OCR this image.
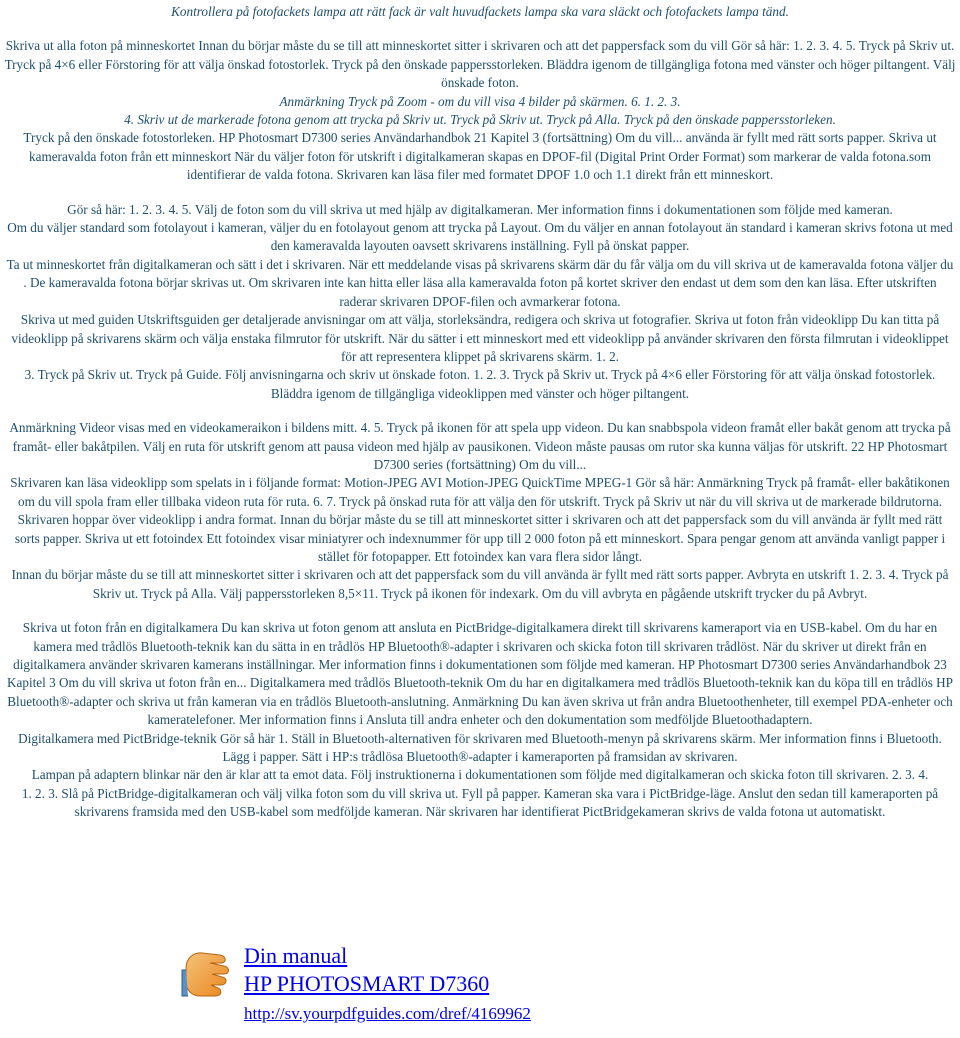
Kontrollera på fotofackets lampa att rätt fack är valt huvudfackets lampa ska vara släckt och fotofackets lampa tänd.

Skriva ut alla foton på minneskortet Innan du börjar måste du se till att minneskortet sitter i skrivaren och att det pappersfack som du vill Gör så här: 1. 2. 3. 4. 5. Tryck på Skriv ut. Tryck på 4×6 eller Förstoring för att välja önskad fotostorlek. Tryck på den önskade pappersstorleken. Bläddra igenom de tillgängliga fotona med vänster och höger piltangent. Välj önskade foton.

Anmärkning Tryck på Zoom - om du vill visa 4 bilder på skärmen. 6. 1. 2. 3.

4. Skriv ut de markerade fotona genom att trycka på Skriv ut. Tryck på Skriv ut. Tryck på Alla. Tryck på den önskade pappersstorleken.

Tryck på den önskade fotostorleken. HP Photosmart D7300 series Användarhandbok 21 Kapitel 3 (fortsättning) Om du vill... använda är fyllt med rätt sorts papper. Skriva ut kameravalda foton från ett minneskort När du väljer foton för utskrift i digitalkameran skapas en DPOF-fil (Digital Print Order Format) som markerar de valda fotona.som identifierar de valda fotona. Skrivaren kan läsa filer med formatet DPOF 1.0 och 1.1 direkt från ett minneskort.

Gör så här: 1. 2. 3. 4. 5. Välj de foton som du vill skriva ut med hjälp av digitalkameran. Mer information finns i dokumentationen som följde med kameran.

Om du väljer standard som fotolayout i kameran, väljer du en fotolayout genom att trycka på Layout. Om du väljer en annan fotolayout än standard i kameran skrivs fotona ut med den kameravalda layouten oavsett skrivarens inställning. Fyll på önskat papper.

Ta ut minneskortet från digitalkameran och sätt i det i skrivaren. När ett meddelande visas på skrivarens skärm där du får välja om du vill skriva ut de kameravalda fotona väljer du . De kameravalda fotona börjar skrivas ut. Om skrivaren inte kan hitta eller läsa alla kameravalda foton på kortet skriver den endast ut dem som den kan läsa. Efter utskriften raderar skrivaren DPOF-filen och avmarkerar fotona.

Skriva ut med guiden Utskriftsguiden ger detaljerade anvisningar om att välja, storleksändra, redigera och skriva ut fotografier. Skriva ut foton från videoklipp Du kan titta på videoklipp på skrivarens skärm och välja enstaka filmrutor för utskrift. När du sätter i ett minneskort med ett videoklipp på använder skrivaren den första filmrutan i videoklippet för att representera klippet på skrivarens skärm. 1. 2.

3. Tryck på Skriv ut. Tryck på Guide. Följ anvisningarna och skriv ut önskade foton. 1. 2. 3. Tryck på Skriv ut. Tryck på 4×6 eller Förstoring för att välja önskad fotostorlek. Bläddra igenom de tillgängliga videoklippen med vänster och höger piltangent.

Anmärkning Videor visas med en videokameraikon i bildens mitt. 4. 5. Tryck på ikonen för att spela upp videon. Du kan snabbspola videon framåt eller bakåt genom att trycka på framåt- eller bakåtpilen. Välj en ruta för utskrift genom att pausa videon med hjälp av pausikonen. Videon måste pausas om rutor ska kunna väljas för utskrift. 22 HP Photosmart D7300 series (fortsättning) Om du vill...

Skrivaren kan läsa videoklipp som spelats in i följande format: Motion-JPEG AVI Motion-JPEG QuickTime MPEG-1 Gör så här: Anmärkning Tryck på framåt- eller bakåtikonen om du vill spola fram eller tillbaka videon ruta för ruta. 6. 7. Tryck på önskad ruta för att välja den för utskrift. Tryck på Skriv ut när du vill skriva ut de markerade bildrutorna.

Skrivaren hoppar över videoklipp i andra format. Innan du börjar måste du se till att minneskortet sitter i skrivaren och att det pappersfack som du vill använda är fyllt med rätt sorts papper. Skriva ut ett fotoindex Ett fotoindex visar miniatyrer och indexnummer för upp till 2 000 foton på ett minneskort. Spara pengar genom att använda vanligt papper i stället för fotopapper. Ett fotoindex kan vara flera sidor långt.

Innan du börjar måste du se till att minneskortet sitter i skrivaren och att det pappersfack som du vill använda är fyllt med rätt sorts papper. Avbryta en utskrift 1. 2. 3. 4. Tryck på Skriv ut. Tryck på Alla. Välj pappersstorleken 8,5×11. Tryck på ikonen för indexark. Om du vill avbryta en pågående utskrift trycker du på Avbryt.

Skriva ut foton från en digitalkamera Du kan skriva ut foton genom att ansluta en PictBridge-digitalkamera direkt till skrivarens kameraport via en USB-kabel. Om du har en kamera med trådlös Bluetooth-teknik kan du sätta in en trådlös HP Bluetooth®-adapter i skrivaren och skicka foton till skrivaren trådlöst. När du skriver ut direkt från en digitalkamera använder skrivaren kamerans inställningar. Mer information finns i dokumentationen som följde med kameran. HP Photosmart D7300 series Användarhandbok 23 Kapitel 3 Om du vill skriva ut foton från en... Digitalkamera med trådlös Bluetooth-teknik Om du har en digitalkamera med trådlös Bluetooth-teknik kan du köpa till en trådlös HP Bluetooth®-adapter och skriva ut från kameran via en trådlös Bluetooth-anslutning. Anmärkning Du kan även skriva ut från andra Bluetoothenheter, till exempel PDA-enheter och kameratelefoner. Mer information finns i Ansluta till andra enheter och den dokumentation som medföljde Bluetoothadaptern.

Digitalkamera med PictBridge-teknik Gör så här 1. Ställ in Bluetooth-alternativen för skrivaren med Bluetooth-menyn på skrivarens skärm. Mer information finns i Bluetooth. Lägg i papper. Sätt i HP:s trådlösa Bluetooth®-adapter i kameraporten på framsidan av skrivaren.

Lampan på adaptern blinkar när den är klar att ta emot data. Följ instruktionerna i dokumentationen som följde med digitalkameran och skicka foton till skrivaren. 2. 3. 4.

1. 2. 3. Slå på PictBridge-digitalkameran och välj vilka foton som du vill skriva ut. Fyll på papper. Kameran ska vara i PictBridge-läge. Anslut den sedan till kameraporten på skrivarens framsida med den USB-kabel som medföljde kameran. När skrivaren har identifierat PictBridgekameran skrivs de valda fotona ut automatiskt.

Din manual
HP PHOTOSMART D7360
http://sv.yourpdfguides.com/dref/4169962
